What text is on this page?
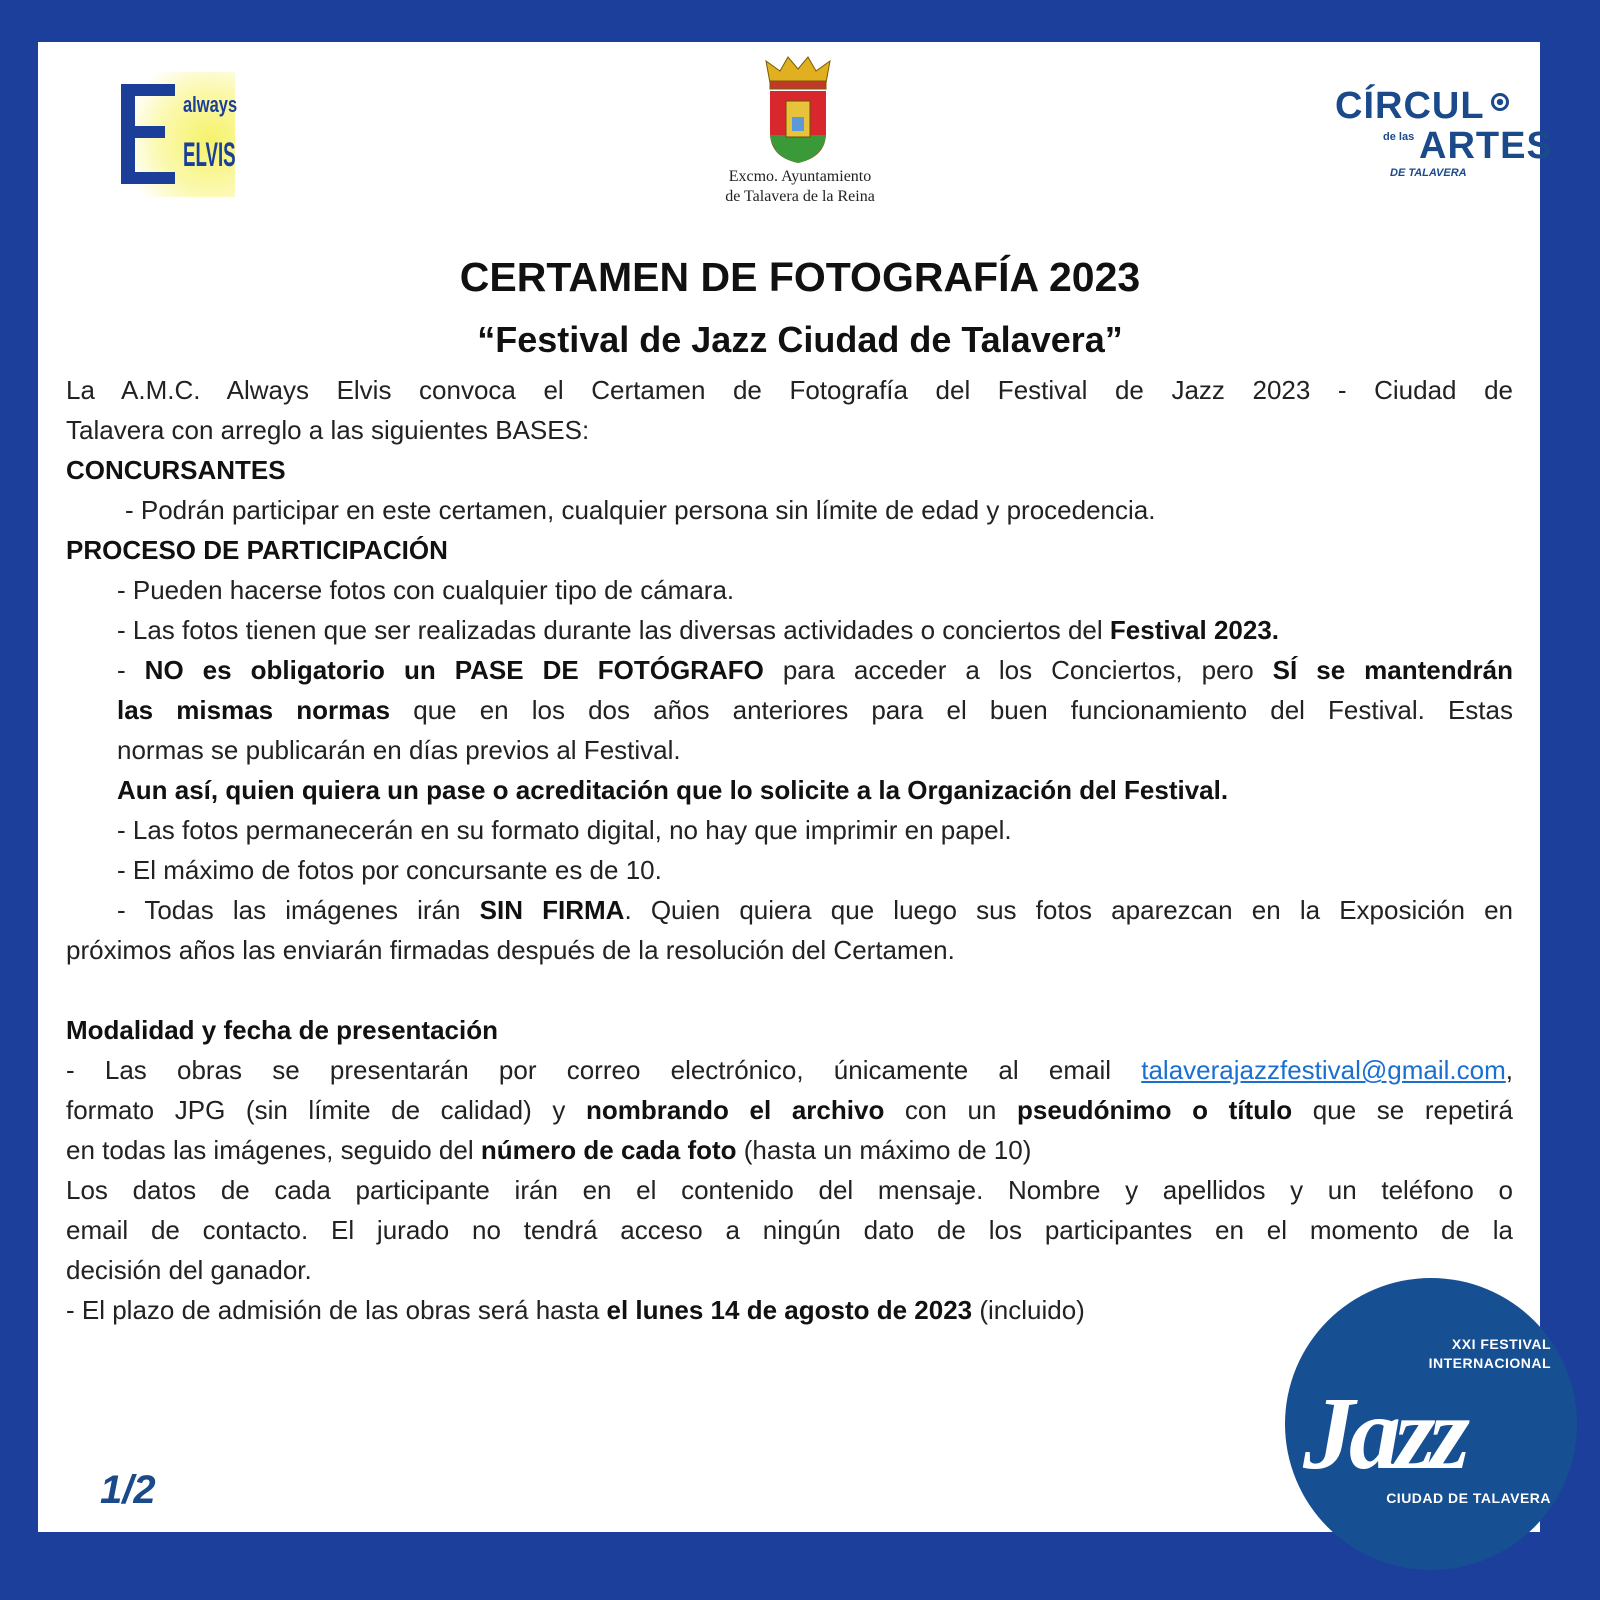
always
ELVIS
Excmo. Ayuntamiento
de Talavera de la Reina
CÍRCUL
de las ARTES
DE TALAVERA
CERTAMEN DE FOTOGRAFÍA 2023
“Festival de Jazz Ciudad de Talavera”
La A.M.C. Always Elvis convoca el Certamen de Fotografía del Festival de Jazz 2023 - Ciudad de
Talavera con arreglo a las siguientes BASES:
CONCURSANTES
- Podrán participar en este certamen, cualquier persona sin límite de edad y procedencia.
PROCESO DE PARTICIPACIÓN
- Pueden hacerse fotos con cualquier tipo de cámara.
- Las fotos tienen que ser realizadas durante las diversas actividades o conciertos del Festival 2023.
- NO es obligatorio un PASE DE FOTÓGRAFO para acceder a los Conciertos, pero SÍ se mantendrán
las mismas normas que en los dos años anteriores para el buen funcionamiento del Festival. Estas
normas se publicarán en días previos al Festival.
Aun así, quien quiera un pase o acreditación que lo solicite a la Organización del Festival.
- Las fotos permanecerán en su formato digital, no hay que imprimir en papel.
- El máximo de fotos por concursante es de 10.
- Todas las imágenes irán SIN FIRMA. Quien quiera que luego sus fotos aparezcan en la Exposición en
próximos años las enviarán firmadas después de la resolución del Certamen.
Modalidad y fecha de presentación
- Las obras se presentarán por correo electrónico, únicamente al email talaverajazzfestival@gmail.com,
formato JPG (sin límite de calidad) y nombrando el archivo con un pseudónimo o título que se repetirá
en todas las imágenes, seguido del número de cada foto (hasta un máximo de 10)
Los datos de cada participante irán en el contenido del mensaje. Nombre y apellidos y un teléfono o
email de contacto. El jurado no tendrá acceso a ningún dato de los participantes en el momento de la
decisión del ganador.
- El plazo de admisión de las obras será hasta el lunes 14 de agosto de 2023 (incluido)
1/2
XXI FESTIVAL
INTERNACIONAL
Jazz
CIUDAD DE TALAVERA
